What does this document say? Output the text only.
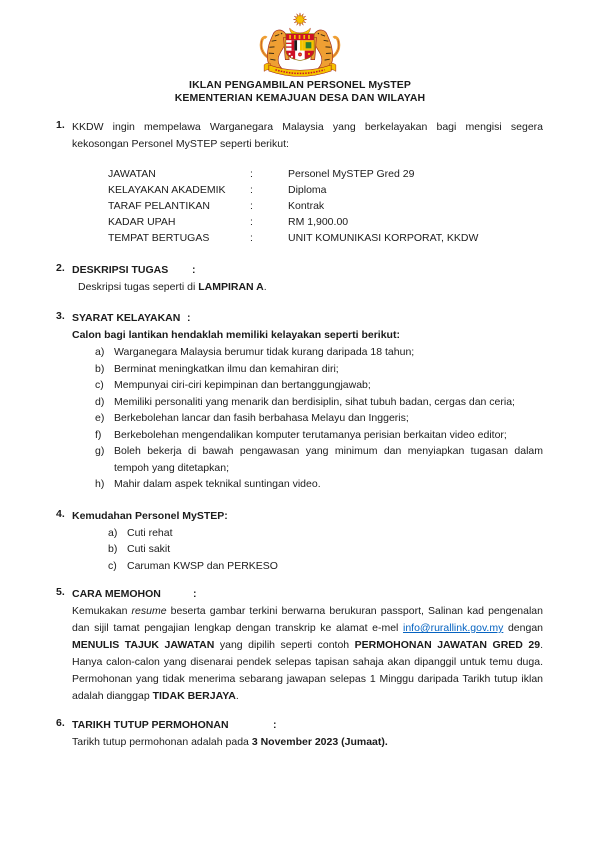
IKLAN PENGAMBILAN PERSONEL MySTEP
KEMENTERIAN KEMAJUAN DESA DAN WILAYAH
1. KKDW ingin mempelawa Warganegara Malaysia yang berkelayakan bagi mengisi segera kekosongan Personel MySTEP seperti berikut:
JAWATAN	:	Personel MySTEP Gred 29
KELAYAKAN AKADEMIK	:	Diploma
TARAF PELANTIKAN	:	Kontrak
KADAR UPAH	:	RM 1,900.00
TEMPAT BERTUGAS	:	UNIT KOMUNIKASI KORPORAT, KKDW
2. DESKRIPSI TUGAS :
Deskripsi tugas seperti di LAMPIRAN A.
3. SYARAT KELAYAKAN :
Calon bagi lantikan hendaklah memiliki kelayakan seperti berikut:
a) Warganegara Malaysia berumur tidak kurang daripada 18 tahun;
b) Berminat meningkatkan ilmu dan kemahiran diri;
c) Mempunyai ciri-ciri kepimpinan dan bertanggungjawab;
d) Memiliki personaliti yang menarik dan berdisiplin, sihat tubuh badan, cergas dan ceria;
e) Berkebolehan lancar dan fasih berbahasa Melayu dan Inggeris;
f) Berkebolehan mengendalikan komputer terutamanya perisian berkaitan video editor;
g) Boleh bekerja di bawah pengawasan yang minimum dan menyiapkan tugasan dalam tempoh yang ditetapkan;
h) Mahir dalam aspek teknikal suntingan video.
4. Kemudahan Personel MySTEP:
a) Cuti rehat
b) Cuti sakit
c) Caruman KWSP dan PERKESO
5. CARA MEMOHON	:
Kemukakan resume beserta gambar terkini berwarna berukuran passport, Salinan kad pengenalan dan sijil tamat pengajian lengkap dengan transkrip ke alamat e-mel info@rurallink.gov.my dengan MENULIS TAJUK JAWATAN yang dipilih seperti contoh PERMOHONAN JAWATAN GRED 29. Hanya calon-calon yang disenarai pendek selepas tapisan sahaja akan dipanggil untuk temu duga. Permohonan yang tidak menerima sebarang jawapan selepas 1 Minggu daripada Tarikh tutup iklan adalah dianggap TIDAK BERJAYA.
6. TARIKH TUTUP PERMOHONAN	:
Tarikh tutup permohonan adalah pada 3 November 2023 (Jumaat).
